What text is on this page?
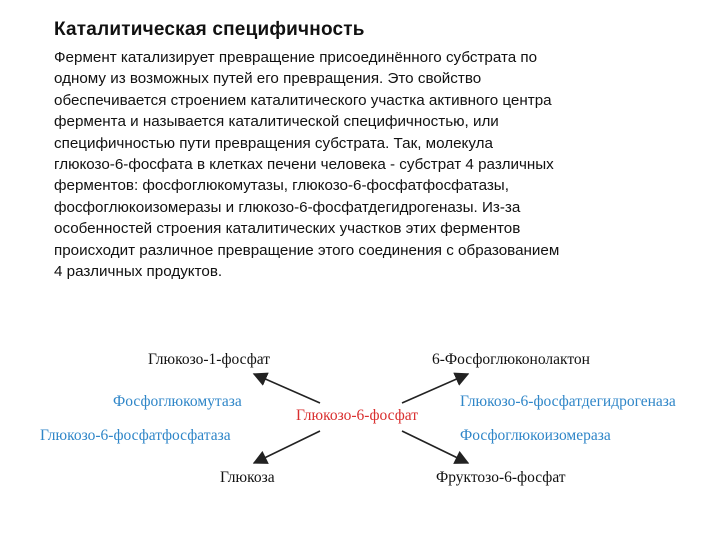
Каталитическая специфичность
Фермент катализирует превращение присоединённого субстрата по
одному из возможных путей его превращения. Это свойство
обеспечивается строением каталитического участка активного центра
фермента и называется каталитической специфичностью, или
специфичностью пути превращения субстрата. Так, молекула
глюкозо-6-фосфата в клетках печени человека - субстрат 4 различных
ферментов: фосфоглюкомутазы, глюкозо-6-фосфатфосфатазы,
фосфоглюкоизомеразы и глюкозо-6-фосфатдегидрогеназы. Из-за
особенностей строения каталитических участков этих ферментов
происходит различное превращение этого соединения с образованием
4 различных продуктов.
Глюкозо-1-фосфат	6-Фосфоглюконолактон
Фосфоглюкомутаза	Глюкозо-6-фосфатдегидрогеназа
Глюкозо-6-фосфат
Глюкозо-6-фосфатфосфатаза	Фосфоглюкоизомераза
Глюкоза	Фруктозо-6-фосфат
